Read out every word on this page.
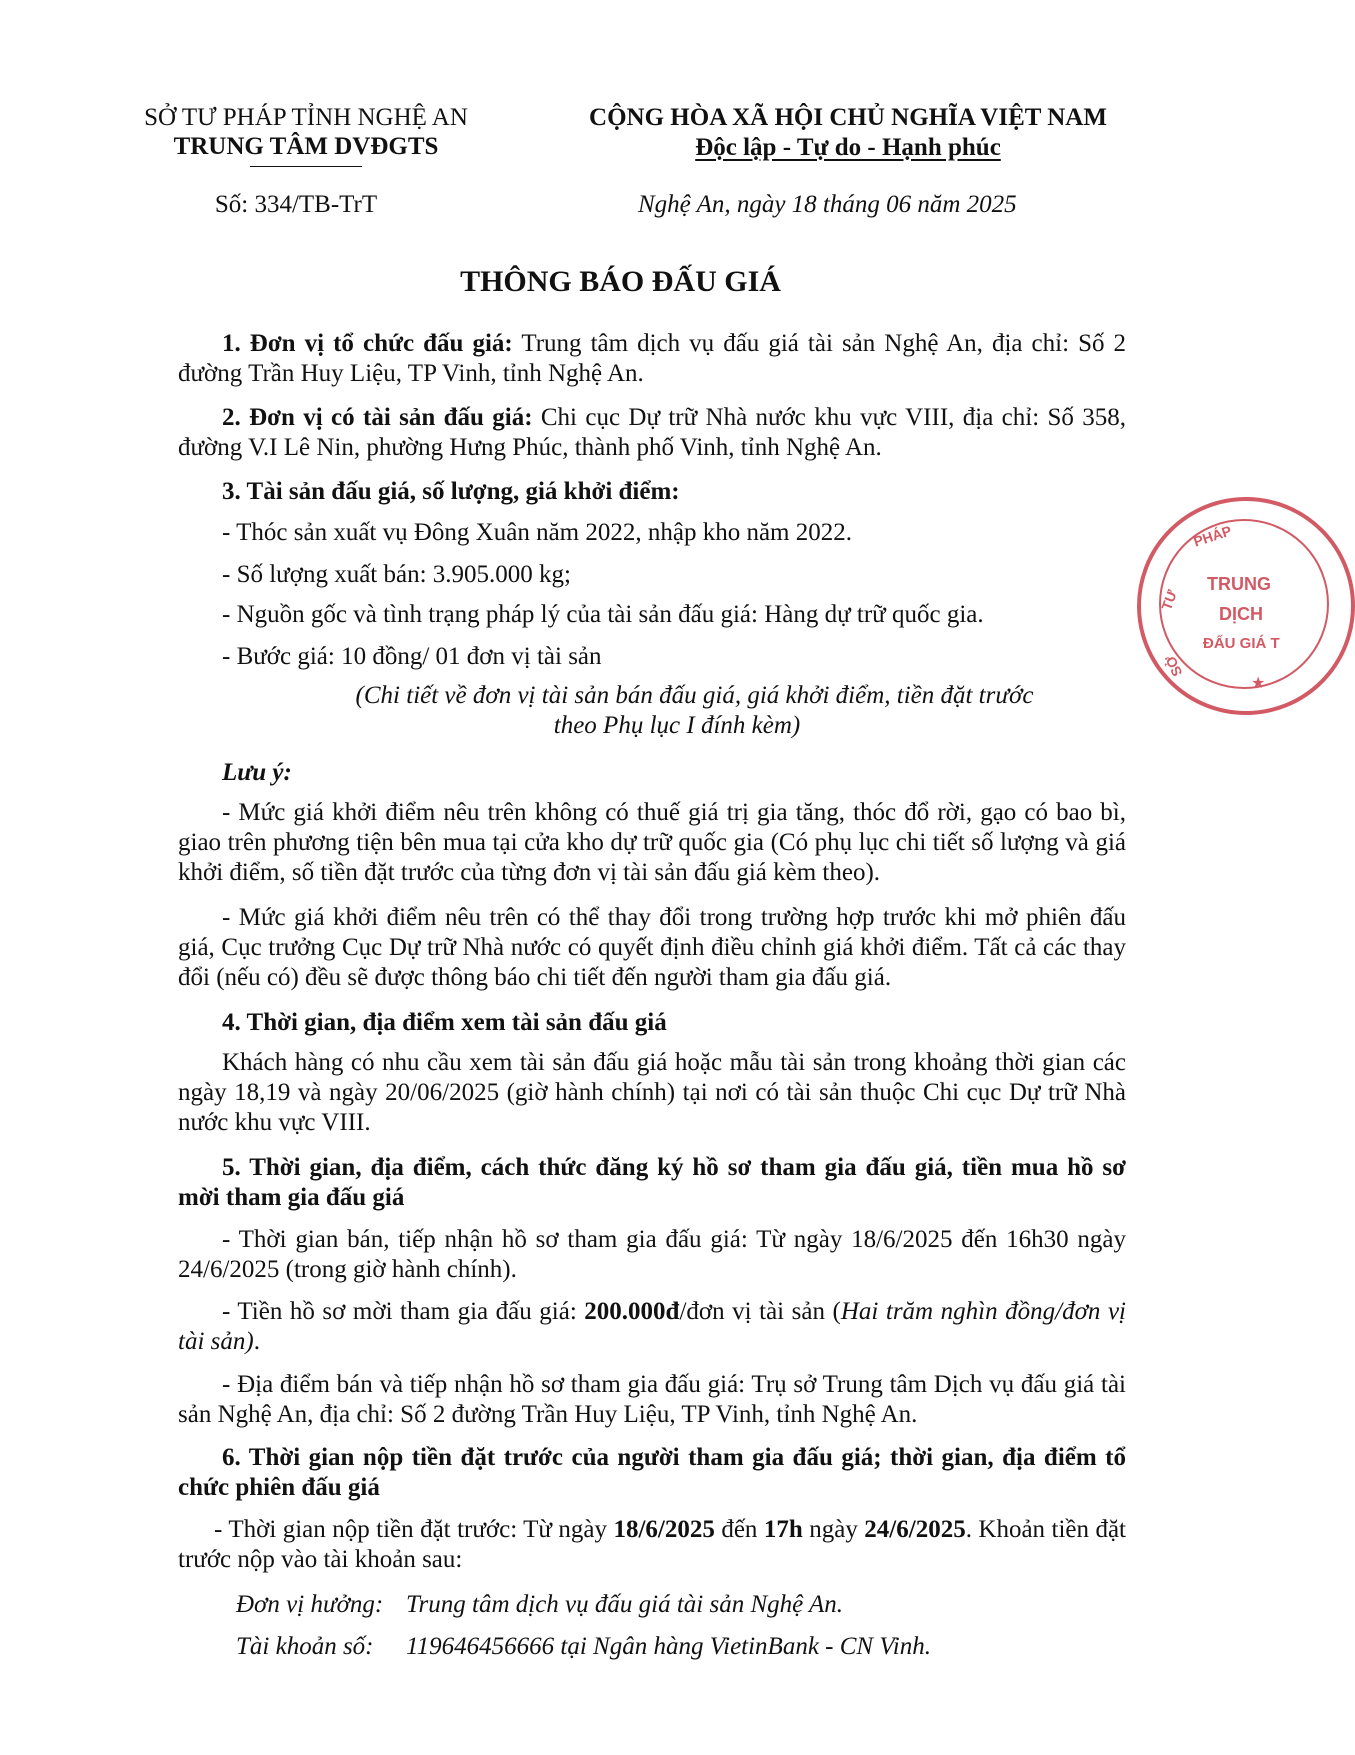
SỞ TƯ PHÁP TỈNH NGHỆ AN
TRUNG TÂM DVĐGTS
CỘNG HÒA XÃ HỘI CHỦ NGHĨA VIỆT NAM
Độc lập - Tự do - Hạnh phúc
Số: 334/TB-TrT	Nghệ An, ngày 18 tháng 06 năm 2025
THÔNG BÁO ĐẤU GIÁ

1. Đơn vị tổ chức đấu giá: Trung tâm dịch vụ đấu giá tài sản Nghệ An, địa chỉ: Số 2 đường Trần Huy Liệu, TP Vinh, tỉnh Nghệ An.

2. Đơn vị có tài sản đấu giá: Chi cục Dự trữ Nhà nước khu vực VIII, địa chỉ: Số 358, đường V.I Lê Nin, phường Hưng Phúc, thành phố Vinh, tỉnh Nghệ An.

3. Tài sản đấu giá, số lượng, giá khởi điểm:

- Thóc sản xuất vụ Đông Xuân năm 2022, nhập kho năm 2022.

- Số lượng xuất bán: 3.905.000 kg;

- Nguồn gốc và tình trạng pháp lý của tài sản đấu giá: Hàng dự trữ quốc gia.

- Bước giá: 10 đồng/ 01 đơn vị tài sản

(Chi tiết về đơn vị tài sản bán đấu giá, giá khởi điểm, tiền đặt trước
theo Phụ lục I đính kèm)

Lưu ý:

- Mức giá khởi điểm nêu trên không có thuế giá trị gia tăng, thóc đổ rời, gạo có bao bì, giao trên phương tiện bên mua tại cửa kho dự trữ quốc gia (Có phụ lục chi tiết số lượng và giá khởi điểm, số tiền đặt trước của từng đơn vị tài sản đấu giá kèm theo).

- Mức giá khởi điểm nêu trên có thể thay đổi trong trường hợp trước khi mở phiên đấu giá, Cục trưởng Cục Dự trữ Nhà nước có quyết định điều chỉnh giá khởi điểm. Tất cả các thay đổi (nếu có) đều sẽ được thông báo chi tiết đến người tham gia đấu giá.

4. Thời gian, địa điểm xem tài sản đấu giá

Khách hàng có nhu cầu xem tài sản đấu giá hoặc mẫu tài sản trong khoảng thời gian các ngày 18,19 và ngày 20/06/2025 (giờ hành chính) tại nơi có tài sản thuộc Chi cục Dự trữ Nhà nước khu vực VIII.

5. Thời gian, địa điểm, cách thức đăng ký hồ sơ tham gia đấu giá, tiền mua hồ sơ mời tham gia đấu giá

- Thời gian bán, tiếp nhận hồ sơ tham gia đấu giá: Từ ngày 18/6/2025 đến 16h30 ngày 24/6/2025 (trong giờ hành chính).

- Tiền hồ sơ mời tham gia đấu giá: 200.000đ/đơn vị tài sản (Hai trăm nghìn đồng/đơn vị tài sản).

- Địa điểm bán và tiếp nhận hồ sơ tham gia đấu giá: Trụ sở Trung tâm Dịch vụ đấu giá tài sản Nghệ An, địa chỉ: Số 2 đường Trần Huy Liệu, TP Vinh, tỉnh Nghệ An.

6. Thời gian nộp tiền đặt trước của người tham gia đấu giá; thời gian, địa điểm tổ chức phiên đấu giá

- Thời gian nộp tiền đặt trước: Từ ngày 18/6/2025 đến 17h ngày 24/6/2025. Khoản tiền đặt trước nộp vào tài khoản sau:

Đơn vị hưởng: Trung tâm dịch vụ đấu giá tài sản Nghệ An.
Tài khoản số: 119646456666 tại Ngân hàng VietinBank - CN Vinh.
PHÁP
TƯ
SỞ
TRUNG
DỊCH
ĐẤU GIÁ T
★
